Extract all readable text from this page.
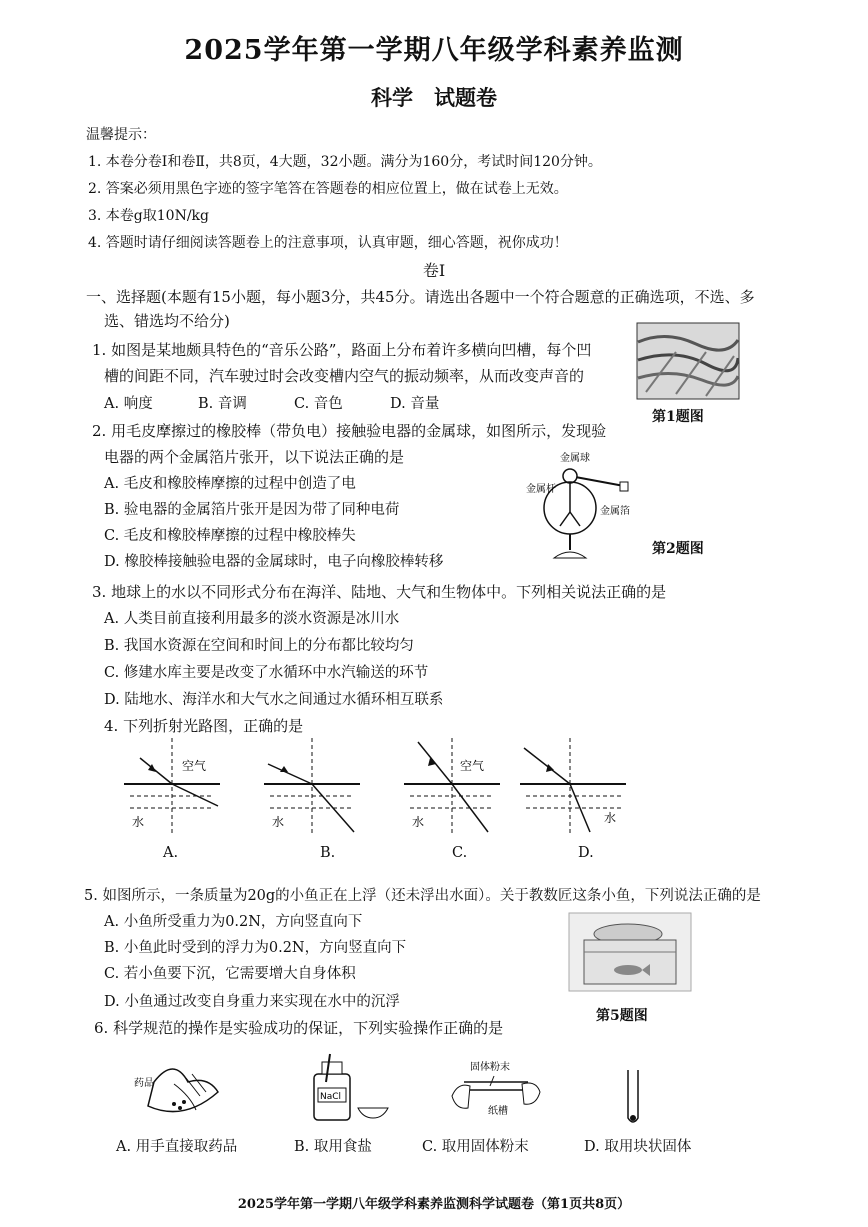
2025学年第一学期八年级学科素养监测
科学　试题卷
温馨提示：
1. 本卷分卷Ⅰ和卷Ⅱ，共8页，4大题，32小题。满分为160分，考试时间120分钟。
2. 答案必须用黑色字迹的签字笔答在答题卷的相应位置上，做在试卷上无效。
3. 本卷g取10N/kg
4. 答题时请仔细阅读答题卷上的注意事项，认真审题，细心答题，祝你成功！
卷Ⅰ
一、选择题(本题有15小题，每小题3分，共45分。请选出各题中一个符合题意的正确选项，不选、多
选、错选均不给分)
1. 如图是某地颇具特色的“音乐公路”，路面上分布着许多横向凹槽，每个凹
槽的间距不同，汽车驶过时会改变槽内空气的振动频率，从而改变声音的
A. 响度	B. 音调	C. 音色	D. 音量
第1题图
2. 用毛皮摩擦过的橡胶棒（带负电）接触验电器的金属球，如图所示，发现验
电器的两个金属箔片张开，以下说法正确的是
A. 毛皮和橡胶棒摩擦的过程中创造了电
B. 验电器的金属箔片张开是因为带了同种电荷
C. 毛皮和橡胶棒摩擦的过程中橡胶棒失
D. 橡胶棒接触验电器的金属球时，电子向橡胶棒转移
金属球
金属杆
金属箔
第2题图
3. 地球上的水以不同形式分布在海洋、陆地、大气和生物体中。下列相关说法正确的是
A. 人类目前直接利用最多的淡水资源是冰川水
B. 我国水资源在空间和时间上的分布都比较均匀
C. 修建水库主要是改变了水循环中水汽输送的环节
D. 陆地水、海洋水和大气水之间通过水循环相互联系
4. 下列折射光路图，正确的是
空气
水	水
空气
水	水
A.	B.	C.	D.
5. 如图所示，一条质量为20g的小鱼正在上浮（还未浮出水面）。关于教数匠这条小鱼，下列说法正确的是
A. 小鱼所受重力为0.2N，方向竖直向下
B. 小鱼此时受到的浮力为0.2N，方向竖直向下
C. 若小鱼要下沉，它需要增大自身体积
D. 小鱼通过改变自身重力来实现在水中的沉浮
第5题图
6. 科学规范的操作是实验成功的保证，下列实验操作正确的是
药品
NaCl
固体粉末
纸槽
A. 用手直接取药品	B. 取用食盐	C. 取用固体粉末	D. 取用块状固体
2025学年第一学期八年级学科素养监测科学试题卷（第1页共8页）
